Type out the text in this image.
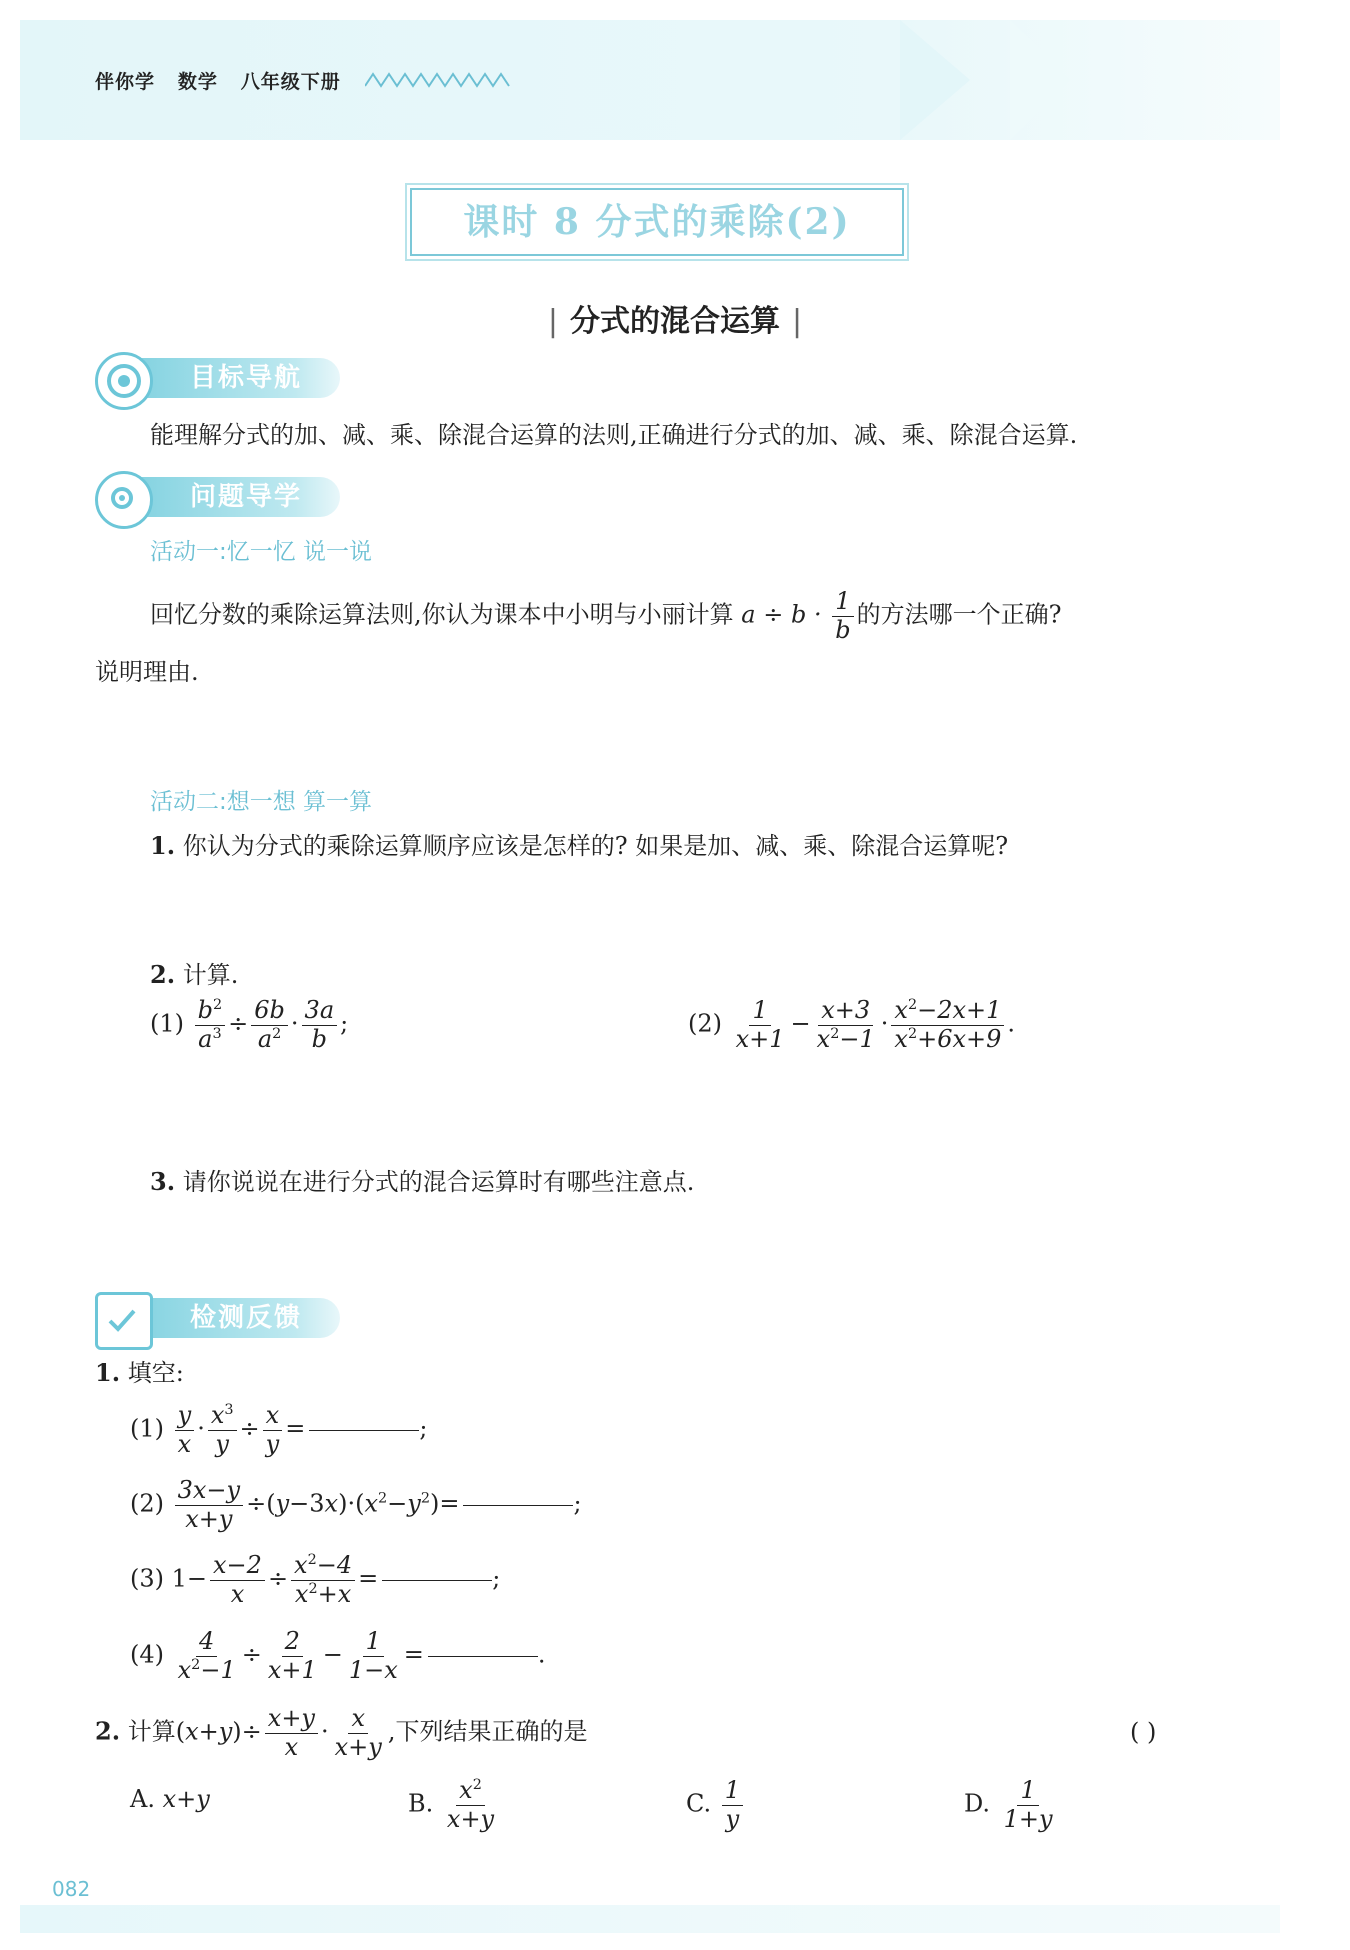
伴你学   数学   八年级下册
课时 8 分式的乘除(2)
| 分式的混合运算 |
目标导航
能理解分式的加、减、乘、除混合运算的法则,正确进行分式的加、减、乘、除混合运算.
问题导学
活动一:忆一忆 说一说
回忆分数的乘除运算法则,你认为课本中小明与小丽计算 $a \div b \cdot \frac{1}{b}$ 的方法哪一个正确?
说明理由.
活动二:想一想 算一算
1. 你认为分式的乘除运算顺序应该是怎样的? 如果是加、减、乘、除混合运算呢?
2. 计算.
$(1) \frac{b^2}{a^3} \div \frac{6b}{a^2} \cdot \frac{3a}{b}$ ;	$(2) \frac{1}{x+1} - \frac{x+3}{x^2-1} \cdot \frac{x^2-2x+1}{x^2+6x+9}$ .
3. 请你说说在进行分式的混合运算时有哪些注意点.
检测反馈
1. 填空:
$(1) \frac{y}{x} \cdot \frac{x^3}{y} \div \frac{x}{y}$ =	;
$(2) \frac{3x-y}{x+y} \div(y-3x)\cdot(x^2-y^2)=$	;
(3) $1- \frac{x-2}{x} \div \frac{x^2-4}{x^2+x}$ =	;
$(4) \frac{4}{x^2-1} \div \frac{2}{x+1} - \frac{1}{1-x}$ =	.
2. 计算$(x+y)\div \frac{x+y}{x} \cdot \frac{x}{x+y}$ ,下列结果正确的是	( )
A. x+y	B. $\frac{x^2}{x+y}$	C. $\frac{1}{y}$	D. $\frac{1}{1+y}$
082
